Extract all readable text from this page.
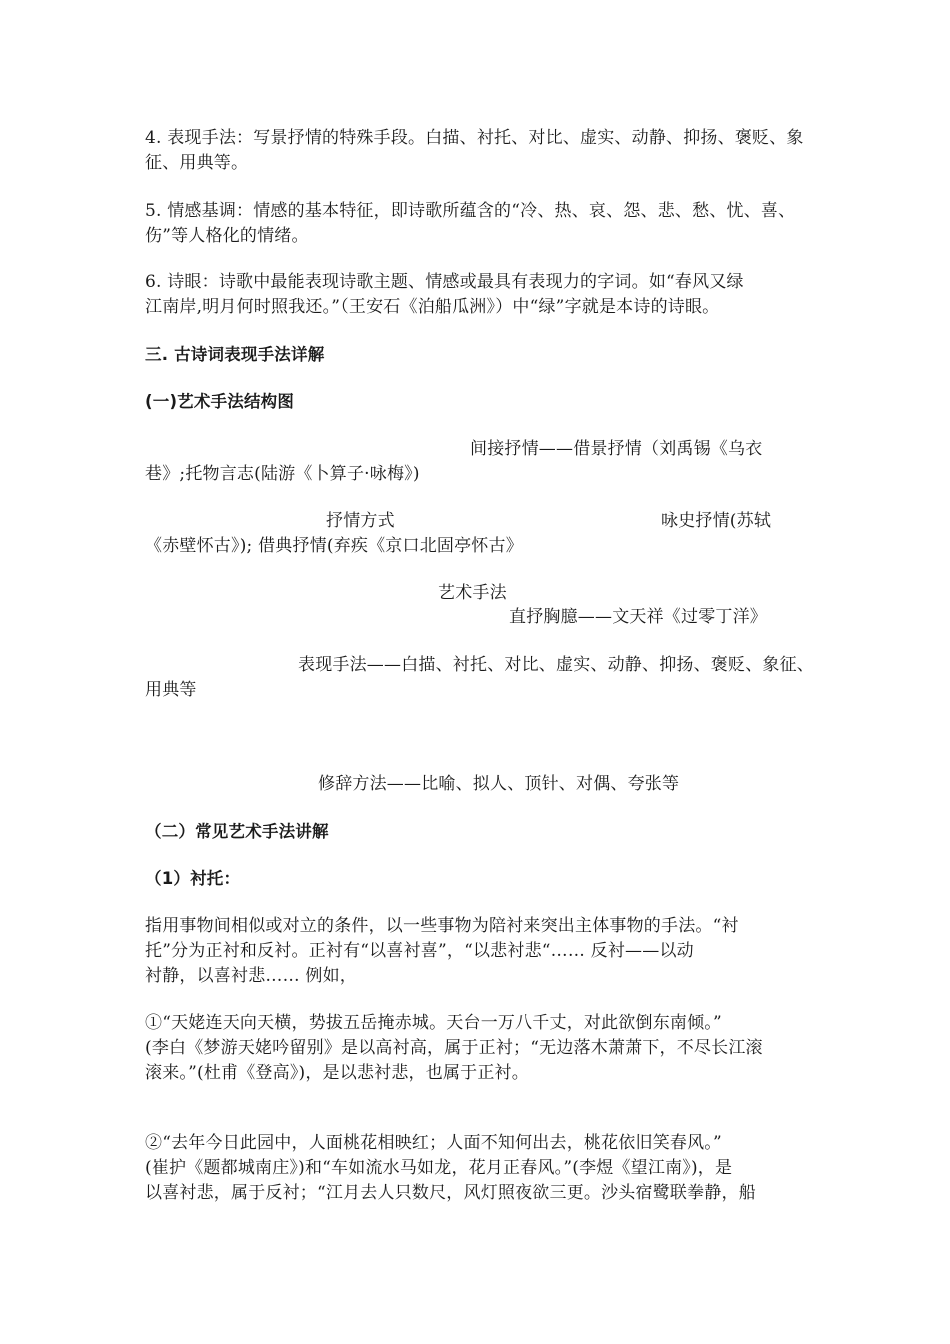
4. 表现手法：写景抒情的特殊手段。白描、衬托、对比、虚实、动静、抑扬、褒贬、象
征、用典等。
5. 情感基调：情感的基本特征，即诗歌所蕴含的“冷、热、哀、怨、悲、愁、忧、喜、
伤”等人格化的情绪。
6. 诗眼：诗歌中最能表现诗歌主题、情感或最具有表现力的字词。如“春风又绿
江南岸,明月何时照我还。”（王安石《泊船瓜洲》）中“绿”字就是本诗的诗眼。
三. 古诗词表现手法详解
(一)艺术手法结构图
间接抒情——借景抒情（刘禹锡《乌衣
巷》;托物言志(陆游《卜算子·咏梅》)
抒情方式	咏史抒情(苏轼
《赤壁怀古》); 借典抒情(弃疾《京口北固亭怀古》
艺术手法
直抒胸臆——文天祥《过零丁洋》
表现手法——白描、衬托、对比、虚实、动静、抑扬、褒贬、象征、
用典等
修辞方法——比喻、拟人、顶针、对偶、夸张等
（二）常见艺术手法讲解
（1）衬托：
指用事物间相似或对立的条件，以一些事物为陪衬来突出主体事物的手法。“衬
托”分为正衬和反衬。正衬有“以喜衬喜”，“以悲衬悲“…… 反衬——以动
衬静，以喜衬悲…… 例如，
①“天姥连天向天横，势拔五岳掩赤城。天台一万八千丈，对此欲倒东南倾。”
(李白《梦游天姥吟留别》是以高衬高，属于正衬；“无边落木萧萧下，不尽长江滚
滚来。”(杜甫《登高》)，是以悲衬悲，也属于正衬。
②“去年今日此园中，人面桃花相映红；人面不知何出去，桃花依旧笑春风。”
(崔护《题都城南庄》)和“车如流水马如龙，花月正春风。”(李煜《望江南》)，是
以喜衬悲，属于反衬；“江月去人只数尺，风灯照夜欲三更。沙头宿鹭联拳静，船
